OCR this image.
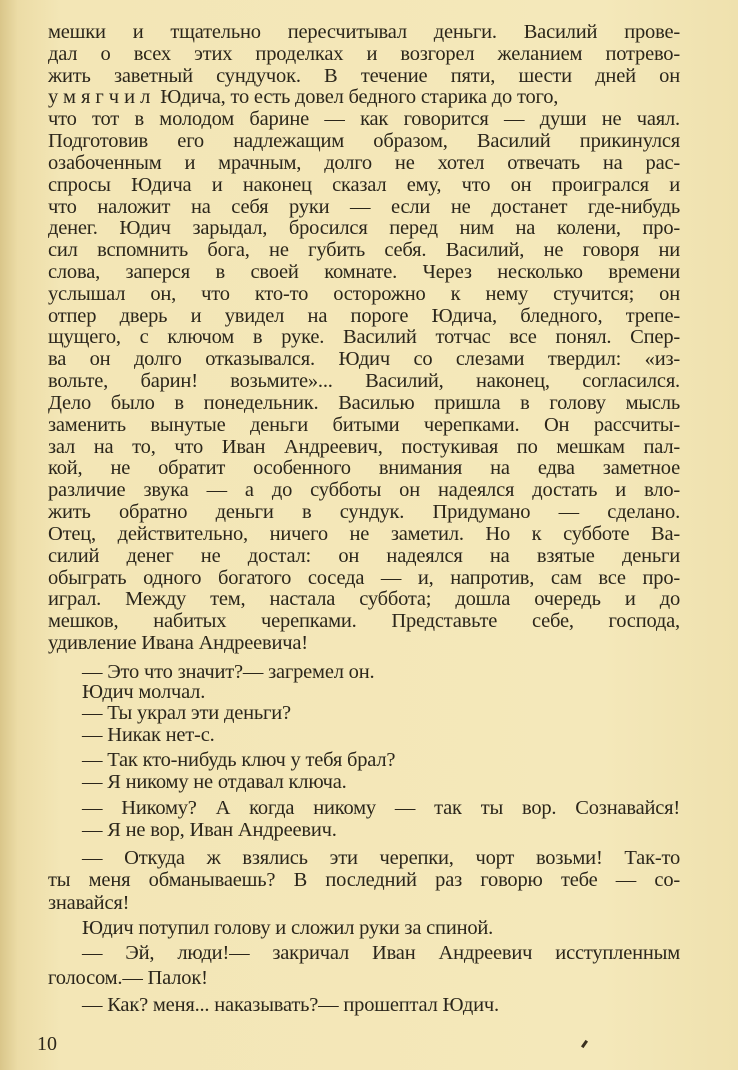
мешки и тщательно пересчитывал деньги. Василий прове-
дал о всех этих проделках и возгорел желанием потрево-
жить заветный сундучок. В течение пяти, шести дней он
умягчил Юдича, то есть довел бедного старика до того,
что тот в молодом барине — как говорится — души не чаял.
Подготовив его надлежащим образом, Василий прикинулся
озабоченным и мрачным, долго не хотел отвечать на рас-
спросы Юдича и наконец сказал ему, что он проигрался и
что наложит на себя руки — если не достанет где-нибудь
денег. Юдич зарыдал, бросился перед ним на колени, про-
сил вспомнить бога, не губить себя. Василий, не говоря ни
слова, заперся в своей комнате. Через несколько времени
услышал он, что кто-то осторожно к нему стучится; он
отпер дверь и увидел на пороге Юдича, бледного, трепе-
щущего, с ключом в руке. Василий тотчас все понял. Спер-
ва он долго отказывался. Юдич со слезами твердил: «из-
вольте, барин! возьмите»... Василий, наконец, согласился.
Дело было в понедельник. Василью пришла в голову мысль
заменить вынутые деньги битыми черепками. Он рассчиты-
зал на то, что Иван Андреевич, постукивая по мешкам пал-
кой, не обратит особенного внимания на едва заметное
различие звука — а до субботы он надеялся достать и вло-
жить обратно деньги в сундук. Придумано — сделано.
Отец, действительно, ничего не заметил. Но к субботе Ва-
силий денег не достал: он надеялся на взятые деньги
обыграть одного богатого соседа — и, напротив, сам все про-
играл. Между тем, настала суббота; дошла очередь и до
мешков, набитых черепками. Представьте себе, господа,
удивление Ивана Андреевича!
— Это что значит?— загремел он.
Юдич молчал.
— Ты украл эти деньги?
— Никак нет-с.
— Так кто-нибудь ключ у тебя брал?
— Я никому не отдавал ключа.
— Никому? А когда никому — так ты вор. Сознавайся!
— Я не вор, Иван Андреевич.
— Откуда ж взялись эти черепки, чорт возьми! Так-то
ты меня обманываешь? В последний раз говорю тебе — со-
знавайся!
Юдич потупил голову и сложил руки за спиной.
— Эй, люди!— закричал Иван Андреевич исступленным
голосом.— Палок!
— Как? меня... наказывать?— прошептал Юдич.
10
